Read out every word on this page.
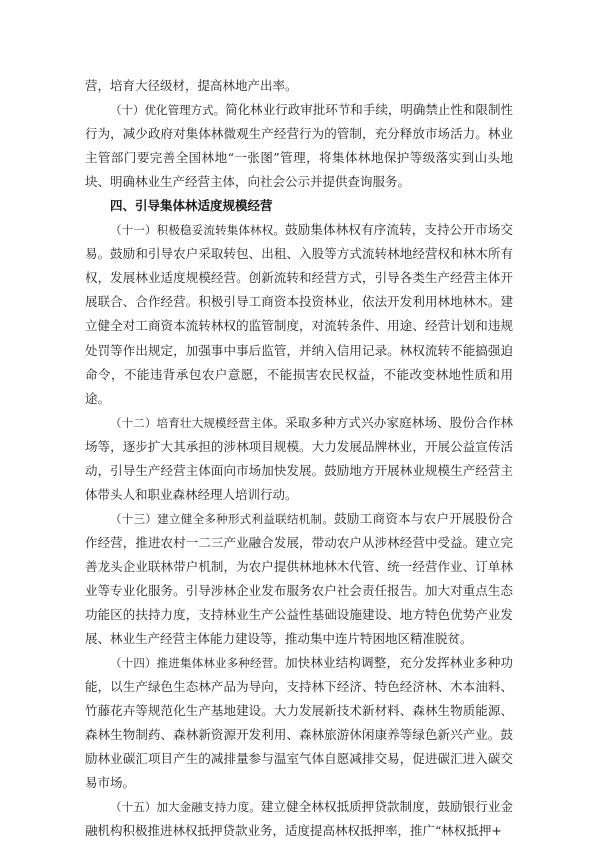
营，培育大径级材，提高林地产出率。

（十）优化管理方式。简化林业行政审批环节和手续，明确禁止性和限制性行为，减少政府对集体林微观生产经营行为的管制，充分释放市场活力。林业主管部门要完善全国林地“一张图”管理，将集体林地保护等级落实到山头地块、明确林业生产经营主体，向社会公示并提供查询服务。

四、引导集体林适度规模经营

（十一）积极稳妥流转集体林权。鼓励集体林权有序流转，支持公开市场交易。鼓励和引导农户采取转包、出租、入股等方式流转林地经营权和林木所有权，发展林业适度规模经营。创新流转和经营方式，引导各类生产经营主体开展联合、合作经营。积极引导工商资本投资林业，依法开发利用林地林木。建立健全对工商资本流转林权的监管制度，对流转条件、用途、经营计划和违规处罚等作出规定，加强事中事后监管，并纳入信用记录。林权流转不能搞强迫命令，不能违背承包农户意愿，不能损害农民权益，不能改变林地性质和用途。

（十二）培育壮大规模经营主体。采取多种方式兴办家庭林场、股份合作林场等，逐步扩大其承担的涉林项目规模。大力发展品牌林业，开展公益宣传活动，引导生产经营主体面向市场加快发展。鼓励地方开展林业规模生产经营主体带头人和职业森林经理人培训行动。

（十三）建立健全多种形式利益联结机制。鼓励工商资本与农户开展股份合作经营，推进农村一二三产业融合发展，带动农户从涉林经营中受益。建立完善龙头企业联林带户机制，为农户提供林地林木代管、统一经营作业、订单林业等专业化服务。引导涉林企业发布服务农户社会责任报告。加大对重点生态功能区的扶持力度，支持林业生产公益性基础设施建设、地方特色优势产业发展、林业生产经营主体能力建设等，推动集中连片特困地区精准脱贫。

（十四）推进集体林业多种经营。加快林业结构调整，充分发挥林业多种功能，以生产绿色生态林产品为导向，支持林下经济、特色经济林、木本油料、竹藤花卉等规范化生产基地建设。大力发展新技术新材料、森林生物质能源、森林生物制药、森林新资源开发利用、森林旅游休闲康养等绿色新兴产业。鼓励林业碳汇项目产生的减排量参与温室气体自愿减排交易，促进碳汇进入碳交易市场。

（十五）加大金融支持力度。建立健全林权抵质押贷款制度，鼓励银行业金融机构积极推进林权抵押贷款业务，适度提高林权抵押率，推广“林权抵押+
